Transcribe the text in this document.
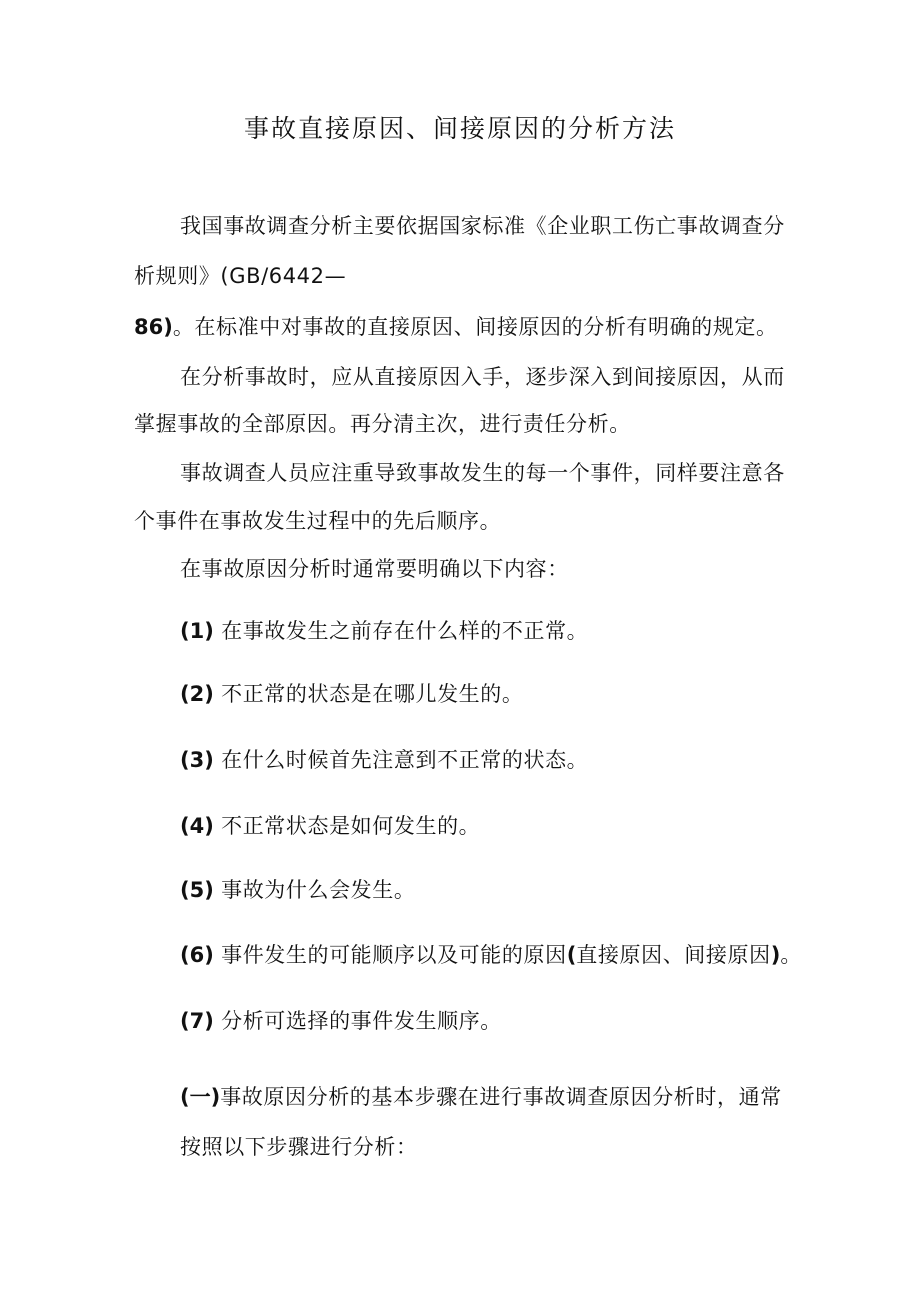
事故直接原因、间接原因的分析方法
我国事故调查分析主要依据国家标准《企业职工伤亡事故调查分
析规则》(GB/6442—
86)。在标准中对事故的直接原因、间接原因的分析有明确的规定。
在分析事故时，应从直接原因入手，逐步深入到间接原因，从而
掌握事故的全部原因。再分清主次，进行责任分析。
事故调查人员应注重导致事故发生的每一个事件，同样要注意各
个事件在事故发生过程中的先后顺序。
在事故原因分析时通常要明确以下内容：
(1) 在事故发生之前存在什么样的不正常。
(2) 不正常的状态是在哪儿发生的。
(3) 在什么时候首先注意到不正常的状态。
(4) 不正常状态是如何发生的。
(5) 事故为什么会发生。
(6) 事件发生的可能顺序以及可能的原因(直接原因、间接原因)。
(7) 分析可选择的事件发生顺序。
(一)事故原因分析的基本步骤在进行事故调查原因分析时，通常
按照以下步骤进行分析：
